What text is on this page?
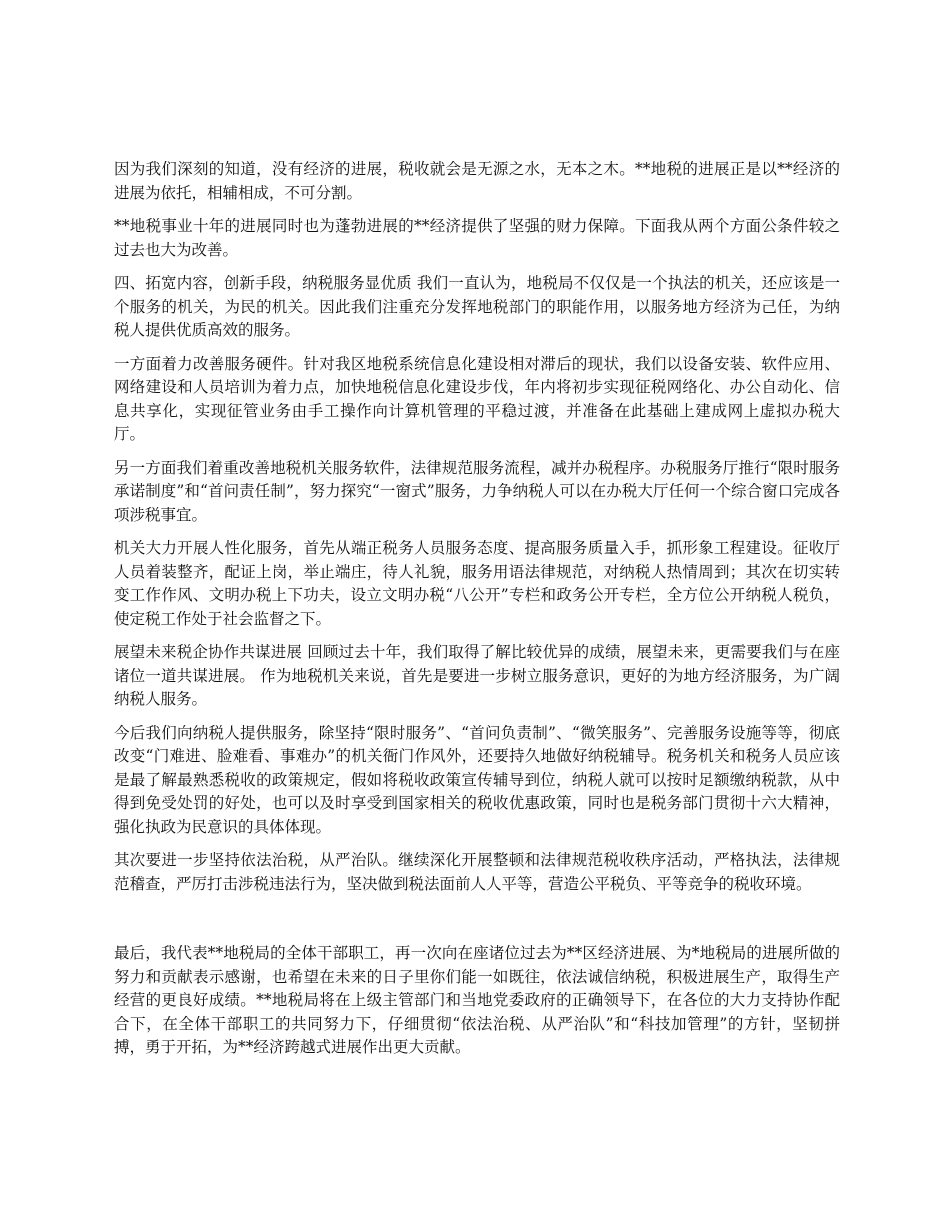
因为我们深刻的知道，没有经济的进展，税收就会是无源之水，无本之木。**地税的进展正是以**经济的进展为依托，相辅相成，不可分割。

**地税事业十年的进展同时也为蓬勃进展的**经济提供了坚强的财力保障。下面我从两个方面公条件较之过去也大为改善。

四、拓宽内容，创新手段，纳税服务显优质 我们一直认为，地税局不仅仅是一个执法的机关，还应该是一个服务的机关，为民的机关。因此我们注重充分发挥地税部门的职能作用，以服务地方经济为己任，为纳税人提供优质高效的服务。

一方面着力改善服务硬件。针对我区地税系统信息化建设相对滞后的现状，我们以设备安装、软件应用、网络建设和人员培训为着力点，加快地税信息化建设步伐，年内将初步实现征税网络化、办公自动化、信息共享化，实现征管业务由手工操作向计算机管理的平稳过渡，并准备在此基础上建成网上虚拟办税大厅。

另一方面我们着重改善地税机关服务软件，法律规范服务流程，减并办税程序。办税服务厅推行“限时服务承诺制度”和“首问责任制”，努力探究“一窗式”服务，力争纳税人可以在办税大厅任何一个综合窗口完成各项涉税事宜。

机关大力开展人性化服务，首先从端正税务人员服务态度、提高服务质量入手，抓形象工程建设。征收厅人员着装整齐，配证上岗，举止端庄，待人礼貌，服务用语法律规范，对纳税人热情周到；其次在切实转变工作作风、文明办税上下功夫，设立文明办税“八公开”专栏和政务公开专栏，全方位公开纳税人税负，使定税工作处于社会监督之下。

展望未来税企协作共谋进展 回顾过去十年，我们取得了解比较优异的成绩，展望未来，更需要我们与在座诸位一道共谋进展。 作为地税机关来说，首先是要进一步树立服务意识，更好的为地方经济服务，为广阔纳税人服务。

今后我们向纳税人提供服务，除坚持“限时服务”、“首问负责制”、“微笑服务”、完善服务设施等等，彻底改变“门难进、脸难看、事难办”的机关衙门作风外，还要持久地做好纳税辅导。税务机关和税务人员应该是最了解最熟悉税收的政策规定，假如将税收政策宣传辅导到位，纳税人就可以按时足额缴纳税款，从中得到免受处罚的好处，也可以及时享受到国家相关的税收优惠政策，同时也是税务部门贯彻十六大精神，强化执政为民意识的具体体现。

其次要进一步坚持依法治税，从严治队。继续深化开展整顿和法律规范税收秩序活动，严格执法，法律规范稽查，严厉打击涉税违法行为，坚决做到税法面前人人平等，营造公平税负、平等竞争的税收环境。

最后，我代表**地税局的全体干部职工，再一次向在座诸位过去为**区经济进展、为*地税局的进展所做的努力和贡献表示感谢，也希望在未来的日子里你们能一如既往，依法诚信纳税，积极进展生产，取得生产经营的更良好成绩。**地税局将在上级主管部门和当地党委政府的正确领导下，在各位的大力支持协作配合下，在全体干部职工的共同努力下，仔细贯彻“依法治税、从严治队”和“科技加管理”的方针，坚韧拼搏，勇于开拓，为**经济跨越式进展作出更大贡献。
